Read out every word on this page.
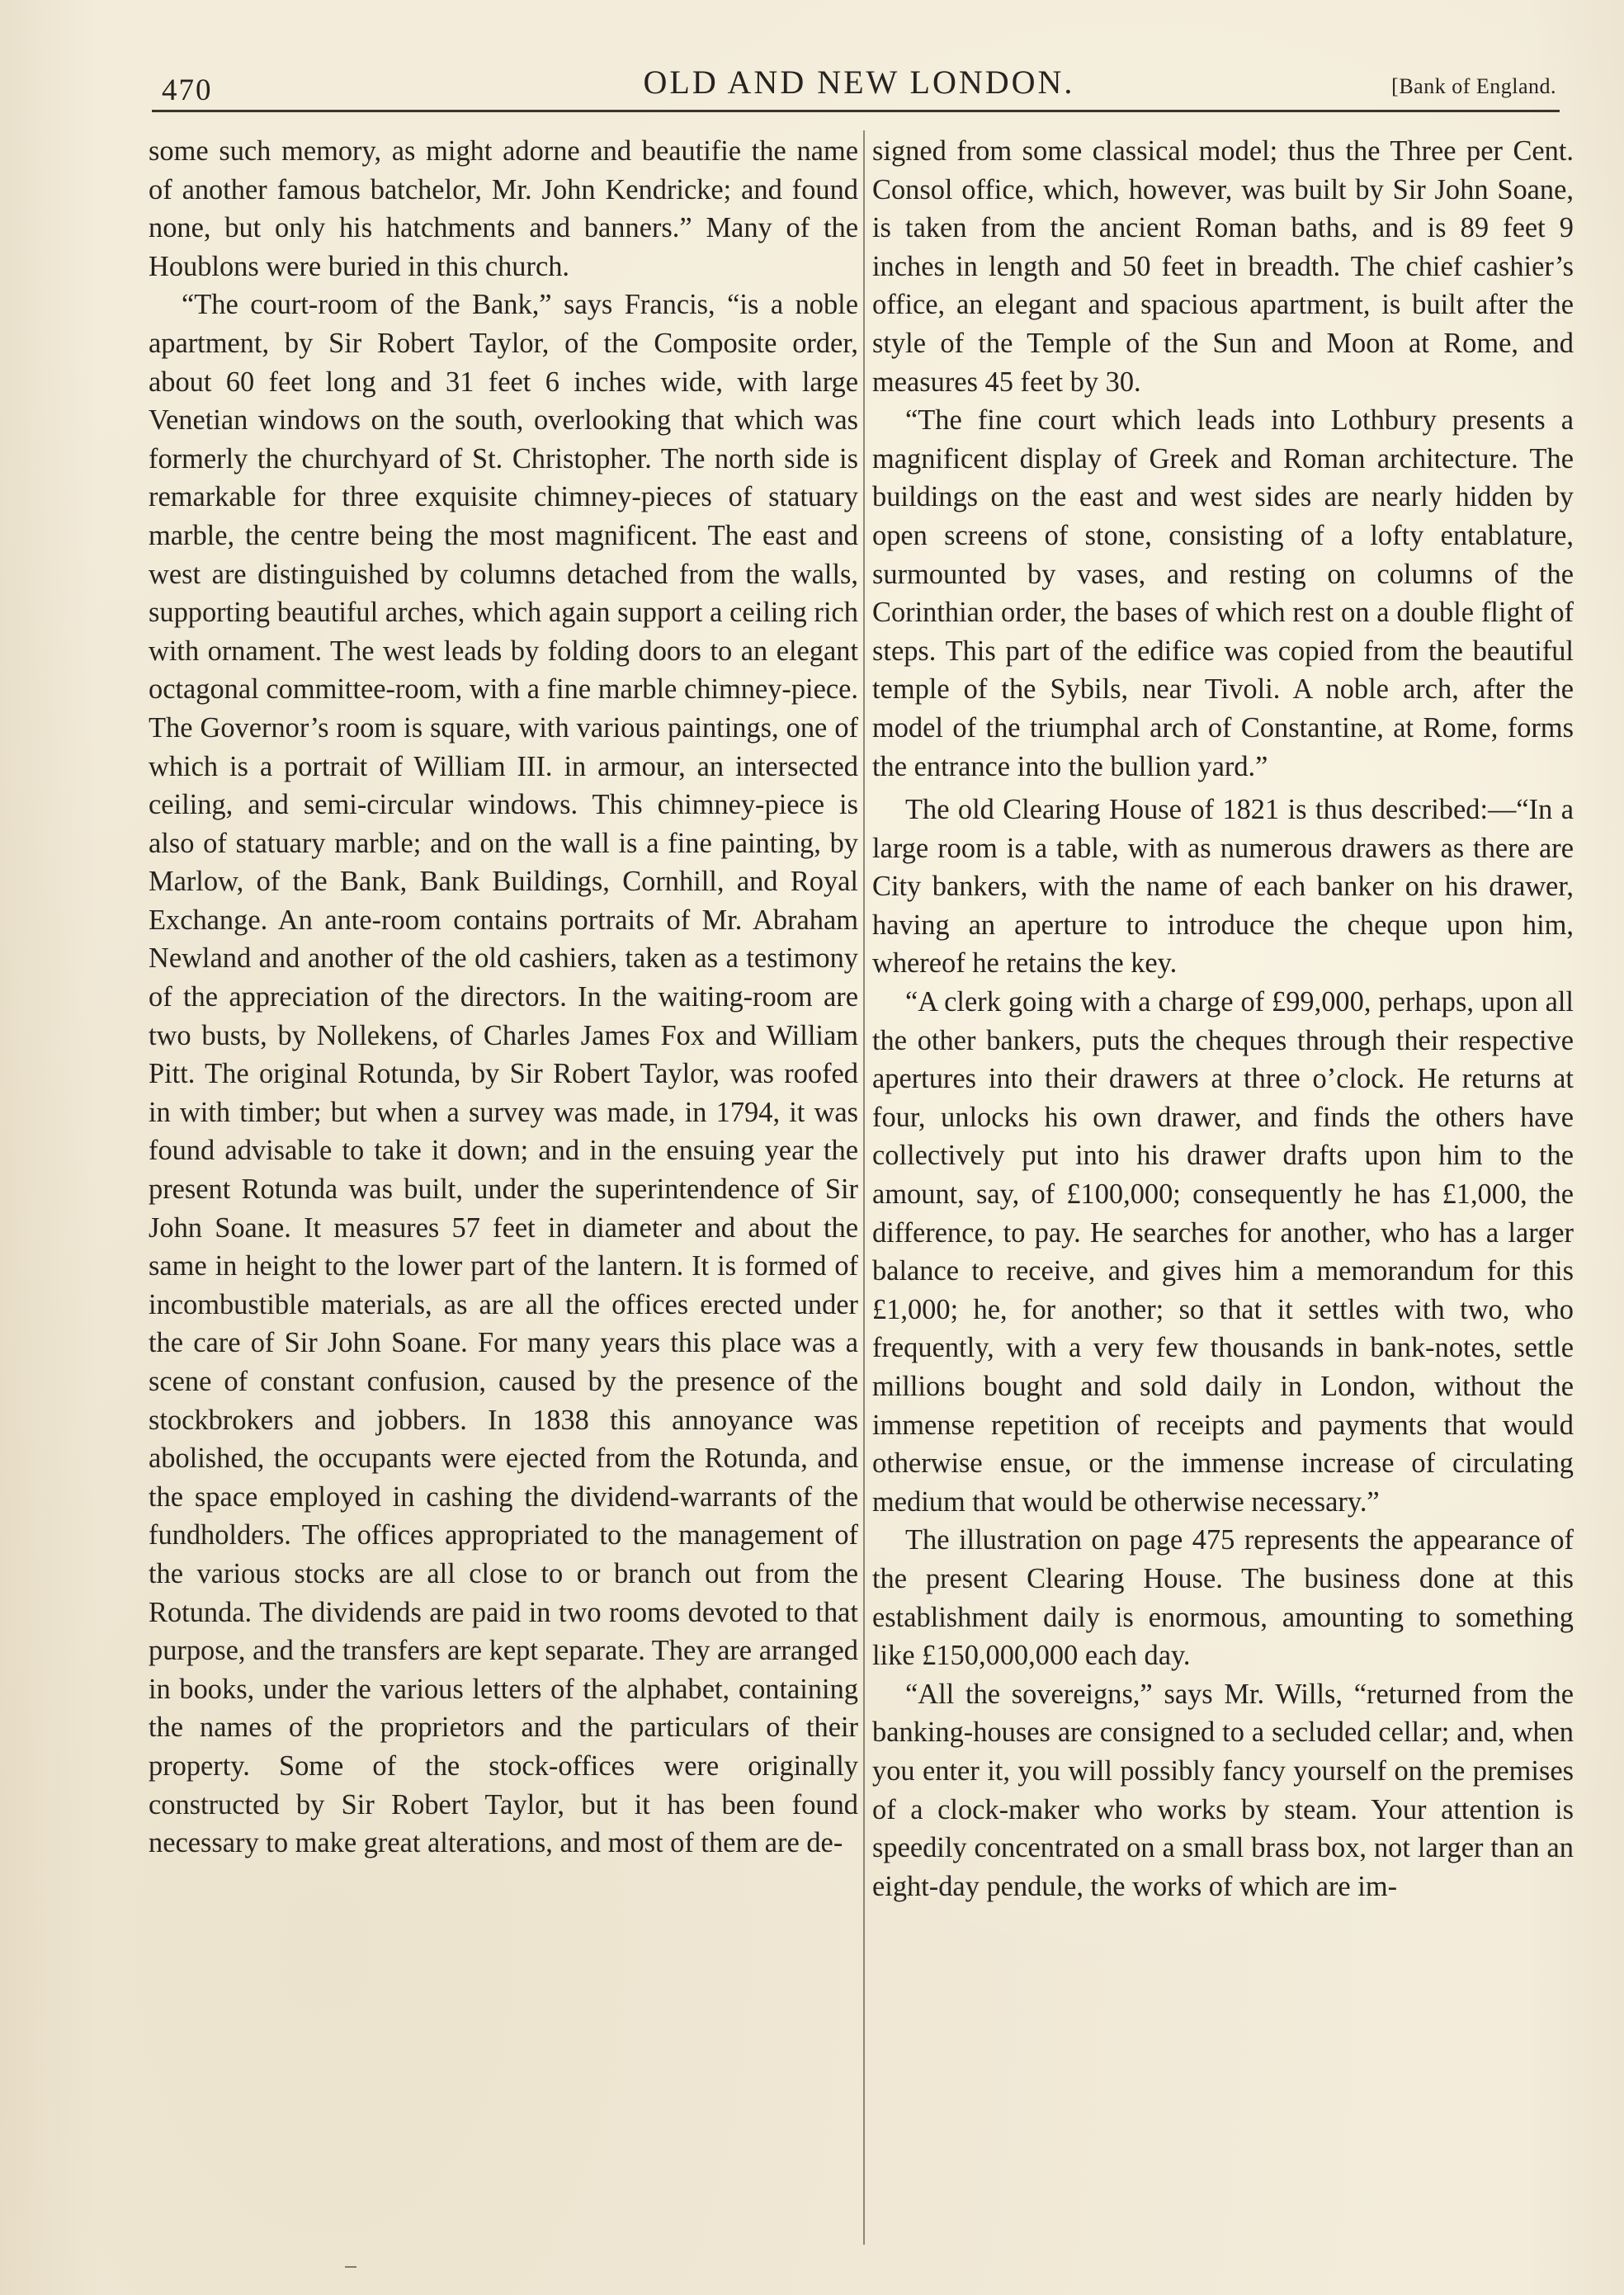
470	OLD AND NEW LONDON.	[Bank of England.

some such memory, as might adorne and beautifie the name of another famous batchelor, Mr. John Kendricke; and found none, but only his hatchments and banners.” Many of the Houblons were buried in this church.

“The court-room of the Bank,” says Francis, “is a noble apartment, by Sir Robert Taylor, of the Composite order, about 60 feet long and 31 feet 6 inches wide, with large Venetian windows on the south, overlooking that which was formerly the churchyard of St. Christopher. The north side is remarkable for three exquisite chimney-pieces of statuary marble, the centre being the most magnificent. The east and west are distinguished by columns detached from the walls, supporting beautiful arches, which again support a ceiling rich with ornament. The west leads by folding doors to an elegant octagonal committee-room, with a fine marble chimney-piece. The Governor’s room is square, with various paintings, one of which is a portrait of William III. in armour, an intersected ceiling, and semi-circular windows. This chimney-piece is also of statuary marble; and on the wall is a fine painting, by Marlow, of the Bank, Bank Buildings, Cornhill, and Royal Exchange. An ante-room contains portraits of Mr. Abraham Newland and another of the old cashiers, taken as a testimony of the appreciation of the directors. In the waiting-room are two busts, by Nollekens, of Charles James Fox and William Pitt. The original Rotunda, by Sir Robert Taylor, was roofed in with timber; but when a survey was made, in 1794, it was found advisable to take it down; and in the ensuing year the present Rotunda was built, under the superintendence of Sir John Soane. It measures 57 feet in diameter and about the same in height to the lower part of the lantern. It is formed of incombustible materials, as are all the offices erected under the care of Sir John Soane. For many years this place was a scene of constant confusion, caused by the presence of the stockbrokers and jobbers. In 1838 this annoyance was abolished, the occupants were ejected from the Rotunda, and the space employed in cashing the dividend-warrants of the fundholders. The offices appropriated to the management of the various stocks are all close to or branch out from the Rotunda. The dividends are paid in two rooms devoted to that purpose, and the transfers are kept separate. They are arranged in books, under the various letters of the alphabet, containing the names of the proprietors and the particulars of their property. Some of the stock-offices were originally constructed by Sir Robert Taylor, but it has been found necessary to make great alterations, and most of them are de-

signed from some classical model; thus the Three per Cent. Consol office, which, however, was built by Sir John Soane, is taken from the ancient Roman baths, and is 89 feet 9 inches in length and 50 feet in breadth. The chief cashier’s office, an elegant and spacious apartment, is built after the style of the Temple of the Sun and Moon at Rome, and measures 45 feet by 30.

“The fine court which leads into Lothbury presents a magnificent display of Greek and Roman architecture. The buildings on the east and west sides are nearly hidden by open screens of stone, consisting of a lofty entablature, surmounted by vases, and resting on columns of the Corinthian order, the bases of which rest on a double flight of steps. This part of the edifice was copied from the beautiful temple of the Sybils, near Tivoli. A noble arch, after the model of the triumphal arch of Constantine, at Rome, forms the entrance into the bullion yard.”

The old Clearing House of 1821 is thus described:—“In a large room is a table, with as numerous drawers as there are City bankers, with the name of each banker on his drawer, having an aperture to introduce the cheque upon him, whereof he retains the key.

“A clerk going with a charge of £99,000, perhaps, upon all the other bankers, puts the cheques through their respective apertures into their drawers at three o’clock. He returns at four, unlocks his own drawer, and finds the others have collectively put into his drawer drafts upon him to the amount, say, of £100,000; consequently he has £1,000, the difference, to pay. He searches for another, who has a larger balance to receive, and gives him a memorandum for this £1,000; he, for another; so that it settles with two, who frequently, with a very few thousands in bank-notes, settle millions bought and sold daily in London, without the immense repetition of receipts and payments that would otherwise ensue, or the immense increase of circulating medium that would be otherwise necessary.”

The illustration on page 475 represents the appearance of the present Clearing House. The business done at this establishment daily is enormous, amounting to something like £150,000,000 each day.

“All the sovereigns,” says Mr. Wills, “returned from the banking-houses are consigned to a secluded cellar; and, when you enter it, you will possibly fancy yourself on the premises of a clock-maker who works by steam. Your attention is speedily concentrated on a small brass box, not larger than an eight-day pendule, the works of which are im-
